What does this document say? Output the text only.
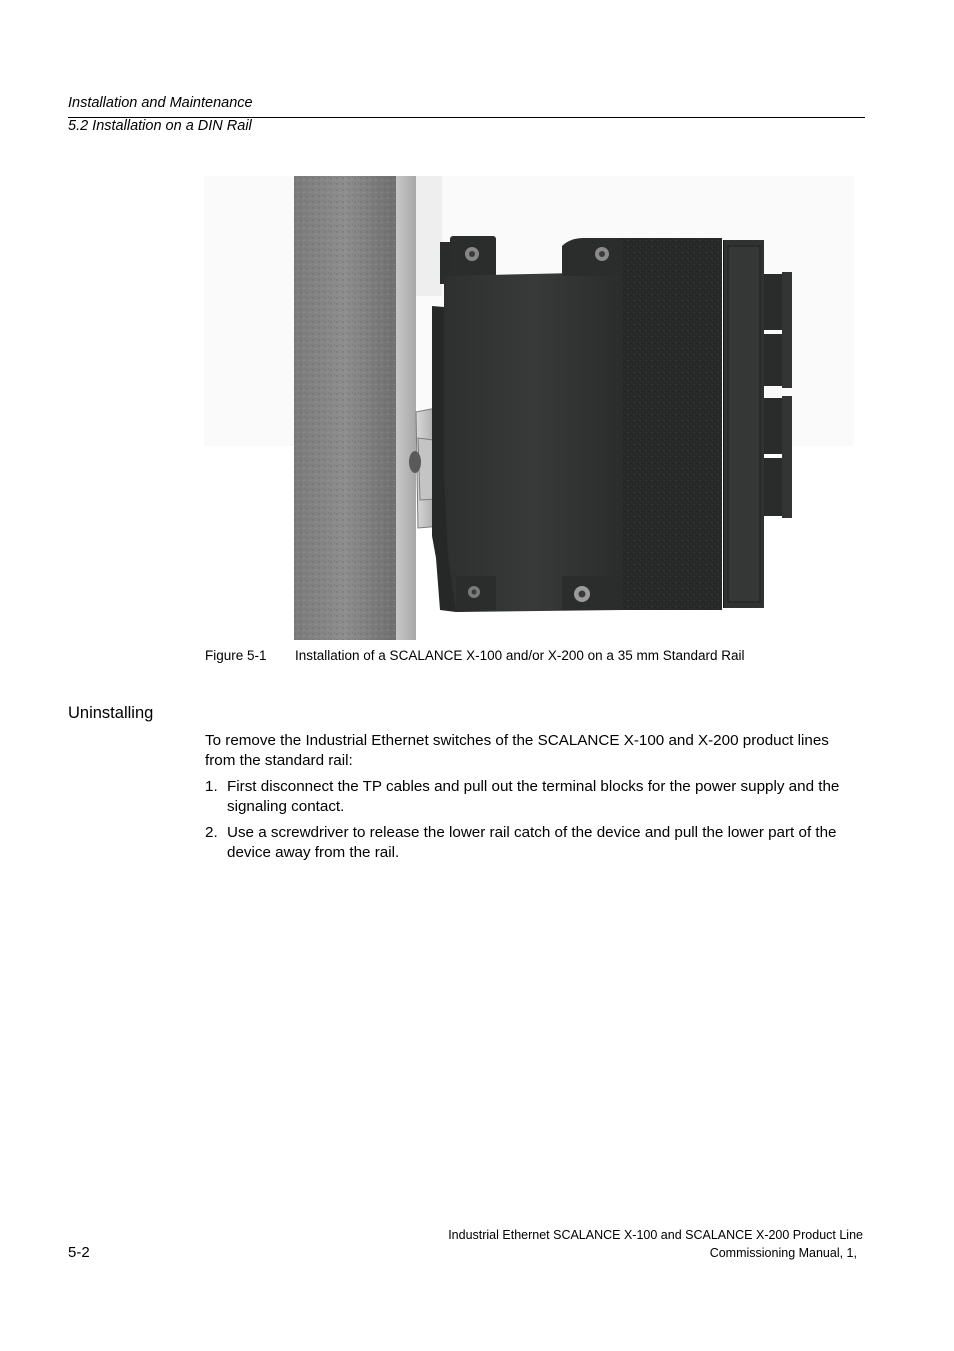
Installation and Maintenance
5.2 Installation on a DIN Rail
Figure 5-1 Installation of a SCALANCE X-100 and/or X-200 on a 35 mm Standard Rail
Uninstalling
To remove the Industrial Ethernet switches of the SCALANCE X-100 and X-200 product lines from the standard rail:
1. First disconnect the TP cables and pull out the terminal blocks for the power supply and the signaling contact.
2. Use a screwdriver to release the lower rail catch of the device and pull the lower part of the device away from the rail.
Industrial Ethernet SCALANCE X-100 and SCALANCE X-200 Product Line
Commissioning Manual, 1,
5-2
